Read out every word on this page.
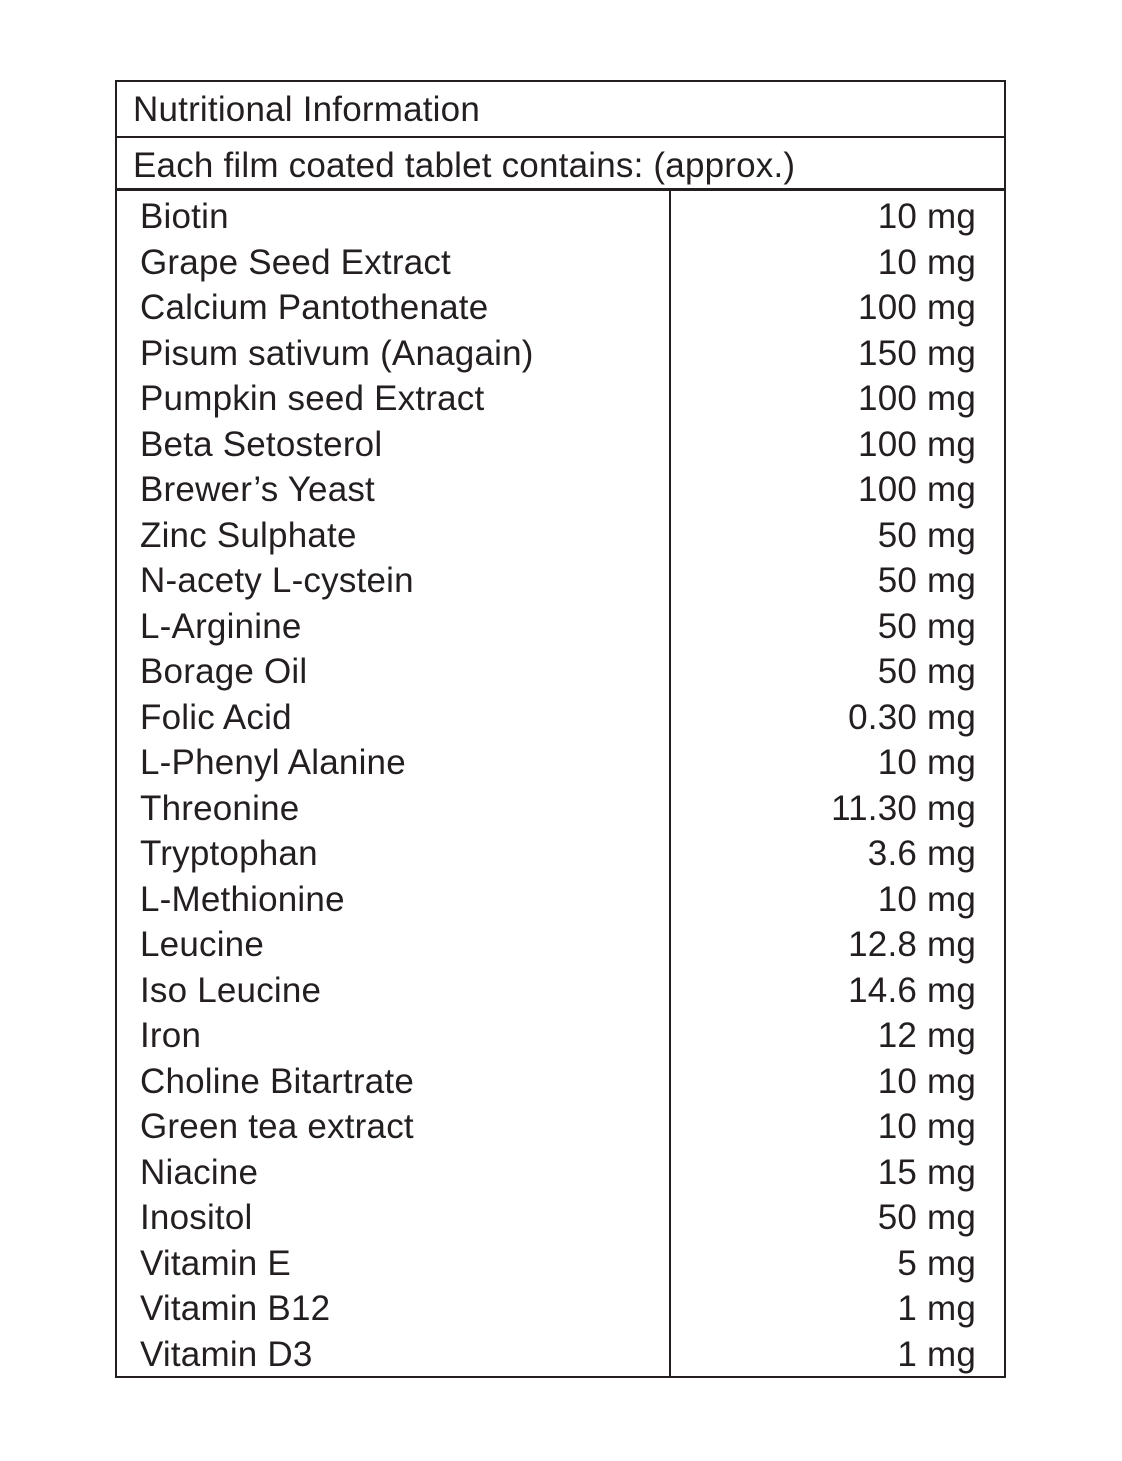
Nutritional Information
Each film coated tablet contains: (approx.)
Biotin	10 mg
Grape Seed Extract	10 mg
Calcium Pantothenate	100 mg
Pisum sativum (Anagain)	150 mg
Pumpkin seed Extract	100 mg
Beta Setosterol	100 mg
Brewer’s Yeast	100 mg
Zinc Sulphate	50 mg
N-acety L-cystein	50 mg
L-Arginine	50 mg
Borage Oil	50 mg
Folic Acid	0.30 mg
L-Phenyl Alanine	10 mg
Threonine	11.30 mg
Tryptophan	3.6 mg
L-Methionine	10 mg
Leucine	12.8 mg
Iso Leucine	14.6 mg
Iron	12 mg
Choline Bitartrate	10 mg
Green tea extract	10 mg
Niacine	15 mg
Inositol	50 mg
Vitamin E	5 mg
Vitamin B12	1 mg
Vitamin D3	1 mg
